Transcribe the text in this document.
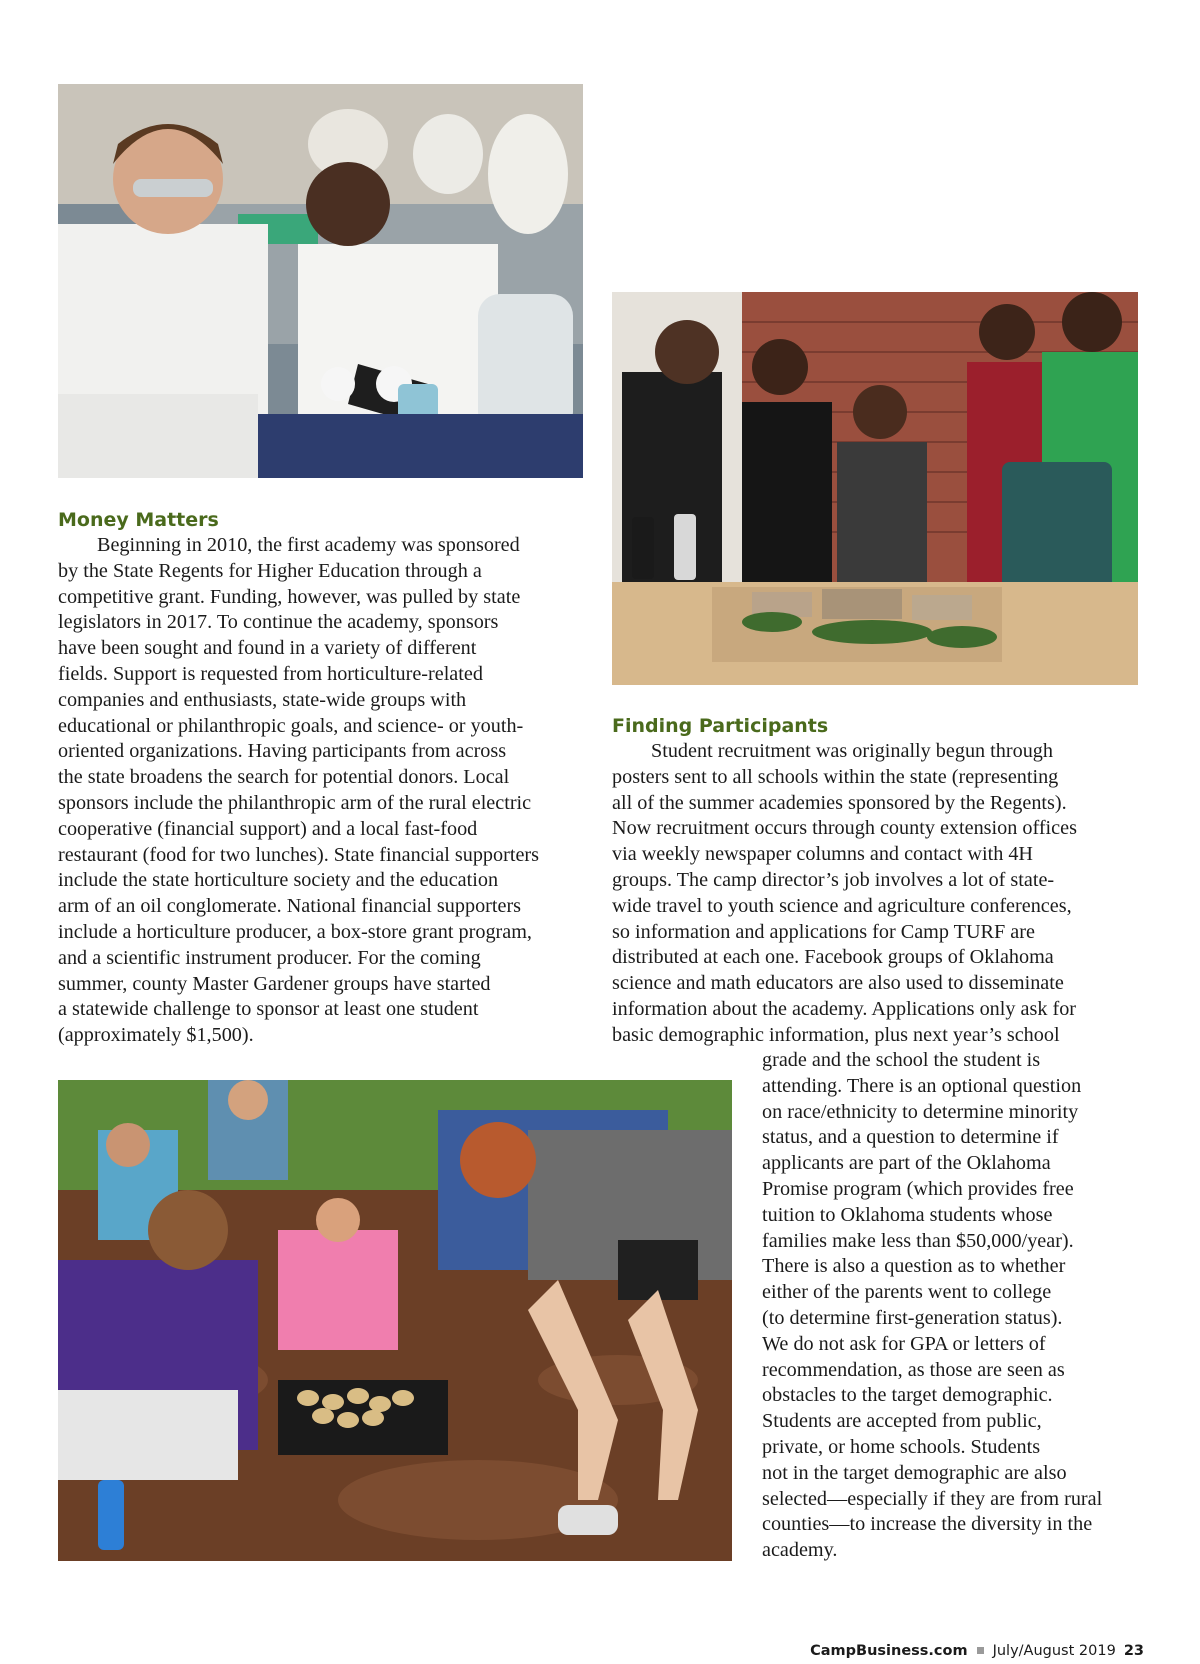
Money Matters
Beginning in 2010, the first academy was sponsored
by the State Regents for Higher Education through a
competitive grant. Funding, however, was pulled by state
legislators in 2017. To continue the academy, sponsors
have been sought and found in a variety of different
fields. Support is requested from horticulture-related
companies and enthusiasts, state-wide groups with
educational or philanthropic goals, and science- or youth-
oriented organizations. Having participants from across
the state broadens the search for potential donors. Local
sponsors include the philanthropic arm of the rural electric
cooperative (financial support) and a local fast-food
restaurant (food for two lunches). State financial supporters
include the state horticulture society and the education
arm of an oil conglomerate. National financial supporters
include a horticulture producer, a box-store grant program,
and a scientific instrument producer. For the coming
summer, county Master Gardener groups have started
a statewide challenge to sponsor at least one student
(approximately $1,500).
Finding Participants
Student recruitment was originally begun through
posters sent to all schools within the state (representing
all of the summer academies sponsored by the Regents).
Now recruitment occurs through county extension offices
via weekly newspaper columns and contact with 4H
groups. The camp director’s job involves a lot of state-
wide travel to youth science and agriculture conferences,
so information and applications for Camp TURF are
distributed at each one. Facebook groups of Oklahoma
science and math educators are also used to disseminate
information about the academy. Applications only ask for
basic demographic information, plus next year’s school
grade and the school the student is
attending. There is an optional question
on race/ethnicity to determine minority
status, and a question to determine if
applicants are part of the Oklahoma
Promise program (which provides free
tuition to Oklahoma students whose
families make less than $50,000/year).
There is also a question as to whether
either of the parents went to college
(to determine first-generation status).
We do not ask for GPA or letters of
recommendation, as those are seen as
obstacles to the target demographic.
Students are accepted from public,
private, or home schools. Students
not in the target demographic are also
selected—especially if they are from rural
counties—to increase the diversity in the
academy.
CampBusiness.com July/August 2019 23
